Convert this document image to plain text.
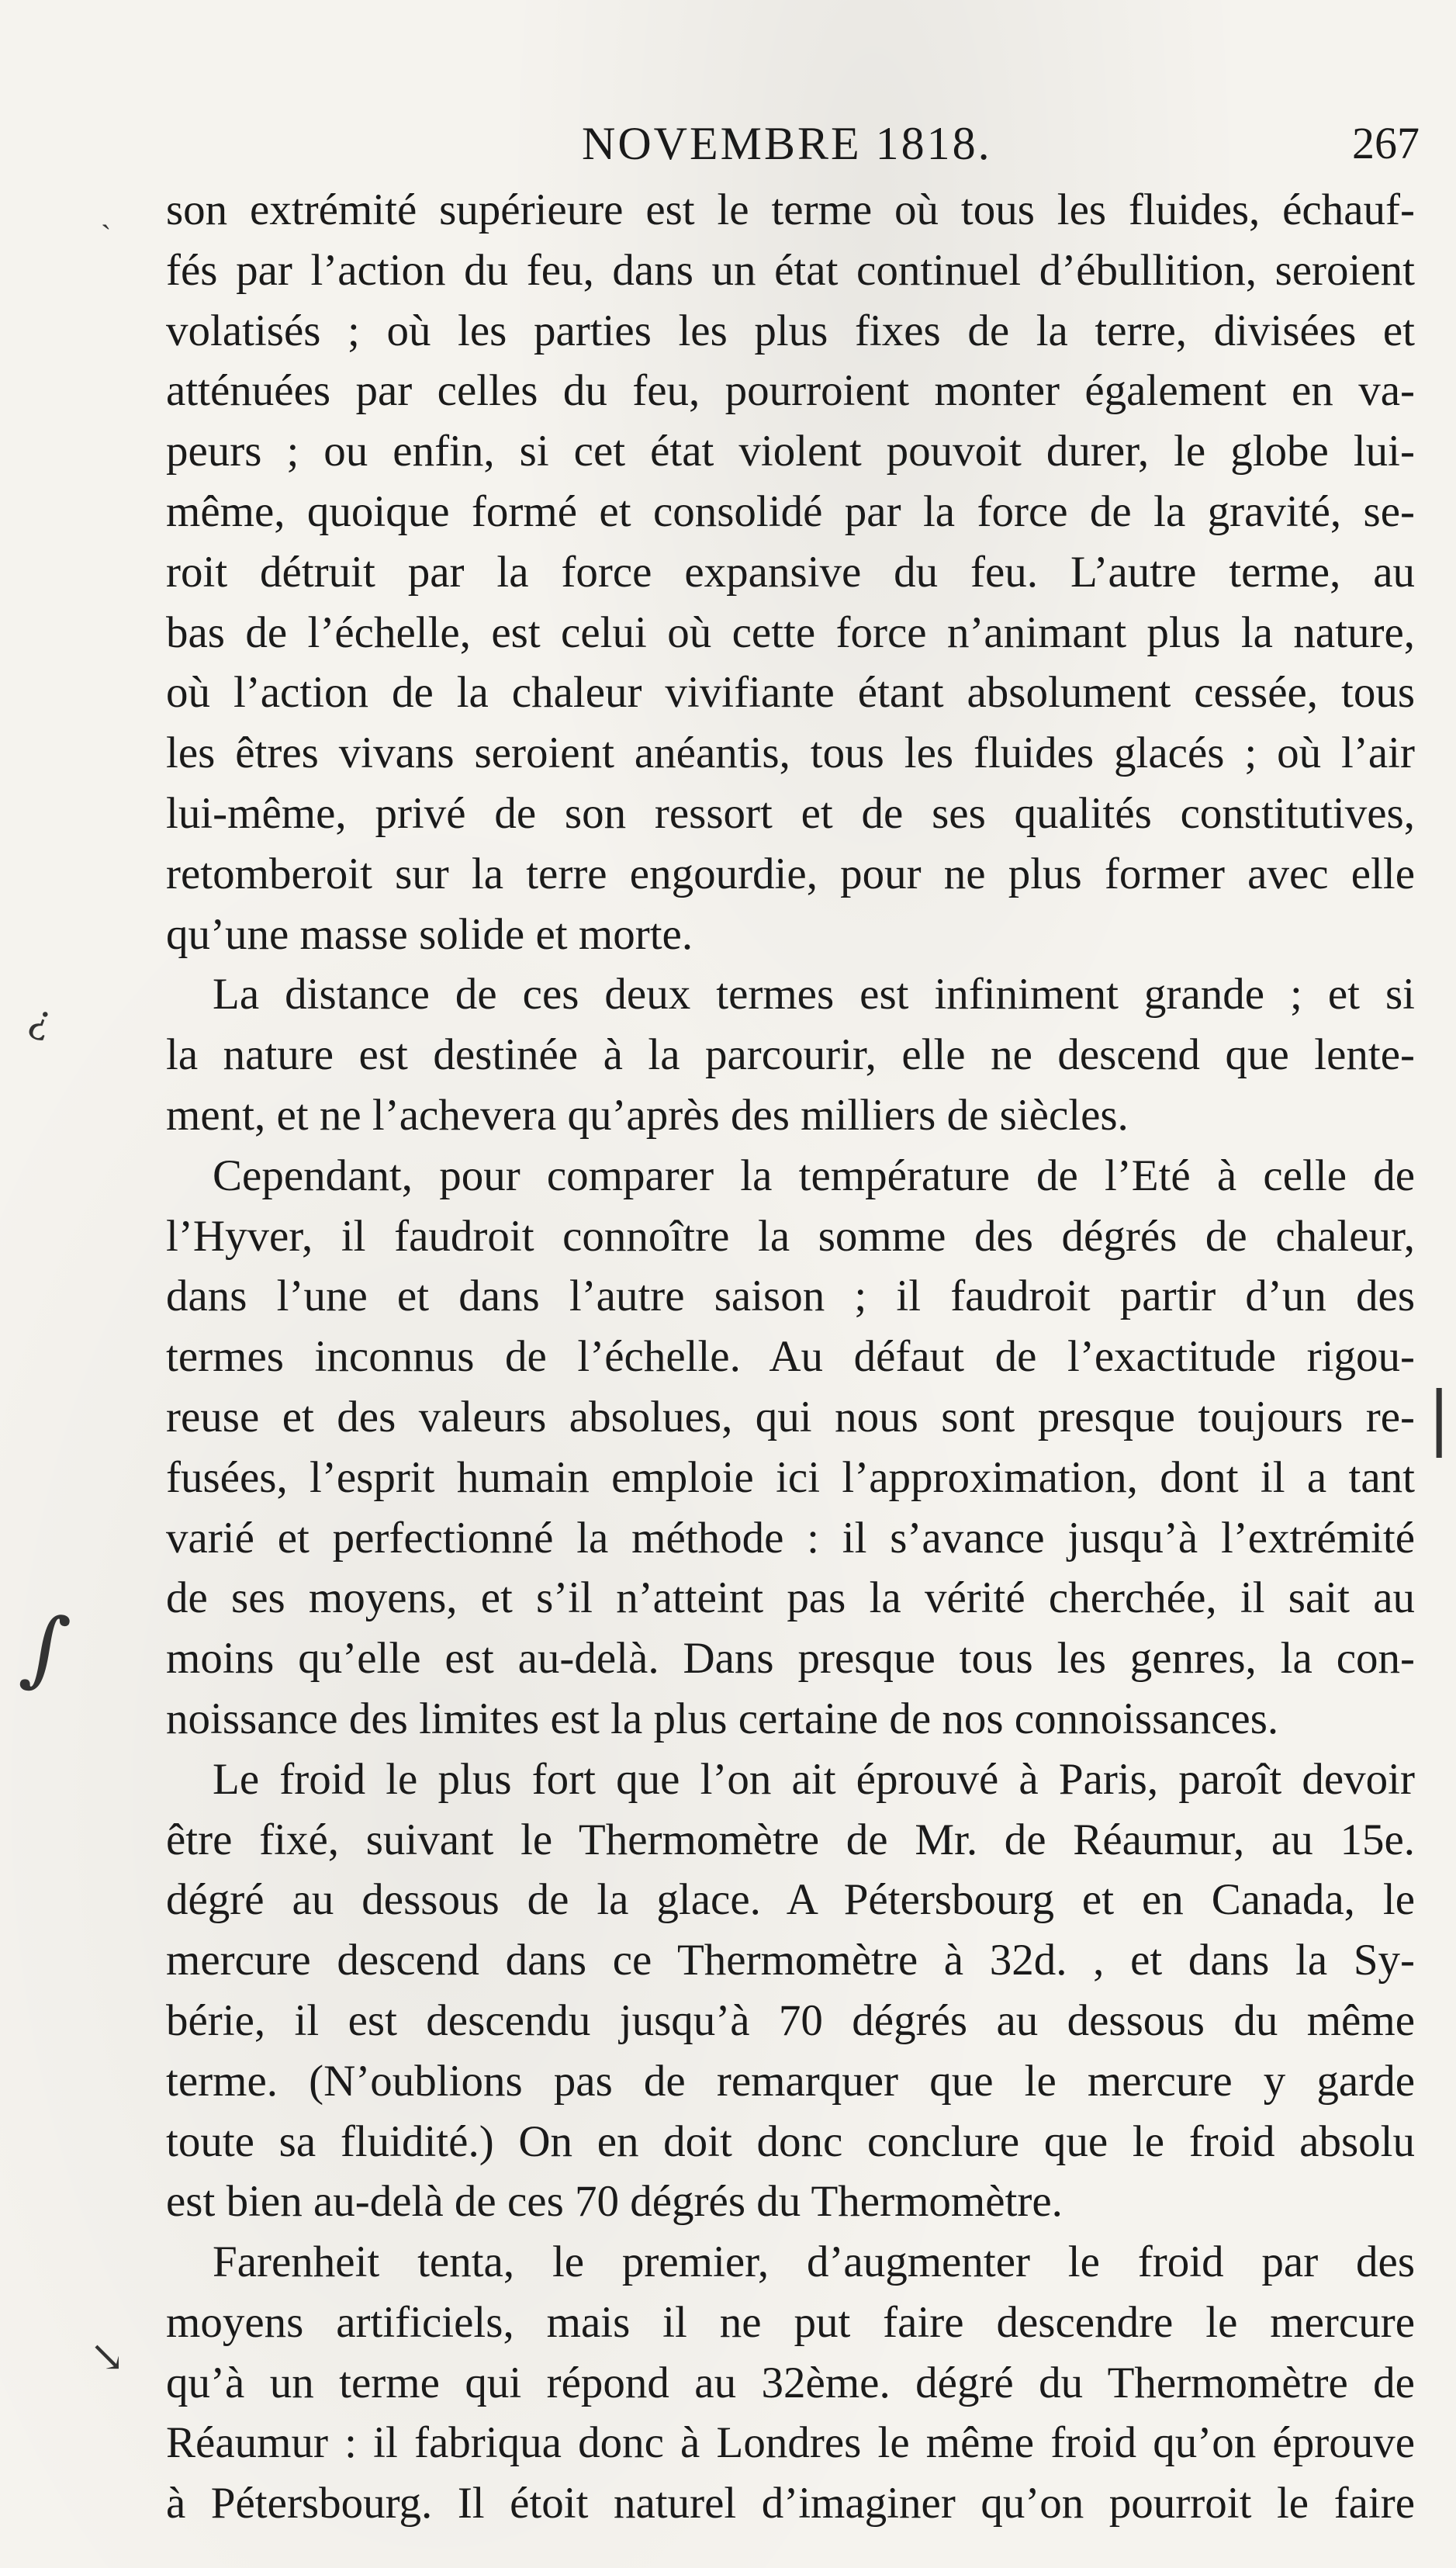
NOVEMBRE 1818.	267
son extrémité supérieure est le terme où tous les fluides, échauf-
fés par l’action du feu, dans un état continuel d’ébullition, seroient
volatisés ; où les parties les plus fixes de la terre, divisées et
atténuées par celles du feu, pourroient monter également en va-
peurs ; ou enfin, si cet état violent pouvoit durer, le globe lui-
même, quoique formé et consolidé par la force de la gravité, se-
roit détruit par la force expansive du feu. L’autre terme, au
bas de l’échelle, est celui où cette force n’animant plus la nature,
où l’action de la chaleur vivifiante étant absolument cessée, tous
les êtres vivans seroient anéantis, tous les fluides glacés ; où l’air
lui-même, privé de son ressort et de ses qualités constitutives,
retomberoit sur la terre engourdie, pour ne plus former avec elle
qu’une masse solide et morte.
La distance de ces deux termes est infiniment grande ; et si
la nature est destinée à la parcourir, elle ne descend que lente-
ment, et ne l’achevera qu’après des milliers de siècles.
Cependant, pour comparer la température de l’Eté à celle de
l’Hyver, il faudroit connoître la somme des dégrés de chaleur,
dans l’une et dans l’autre saison ; il faudroit partir d’un des
termes inconnus de l’échelle. Au défaut de l’exactitude rigou-
reuse et des valeurs absolues, qui nous sont presque toujours re-
fusées, l’esprit humain emploie ici l’approximation, dont il a tant
varié et perfectionné la méthode : il s’avance jusqu’à l’extrémité
de ses moyens, et s’il n’atteint pas la vérité cherchée, il sait au
moins qu’elle est au-delà. Dans presque tous les genres, la con-
noissance des limites est la plus certaine de nos connoissances.
Le froid le plus fort que l’on ait éprouvé à Paris, paroît devoir
être fixé, suivant le Thermomètre de Mr. de Réaumur, au 15e.
dégré au dessous de la glace. A Pétersbourg et en Canada, le
mercure descend dans ce Thermomètre à 32d. , et dans la Sy-
bérie, il est descendu jusqu’à 70 dégrés au dessous du même
terme. (N’oublions pas de remarquer que le mercure y garde
toute sa fluidité.) On en doit donc conclure que le froid absolu
est bien au-delà de ces 70 dégrés du Thermomètre.
Farenheit tenta, le premier, d’augmenter le froid par des
moyens artificiels, mais il ne put faire descendre le mercure
qu’à un terme qui répond au 32ème. dégré du Thermomètre de
Réaumur : il fabriqua donc à Londres le même froid qu’on éprouve
à Pétersbourg. Il étoit naturel d’imaginer qu’on pourroit le faire
¿
∫
|
↘
ˏ
